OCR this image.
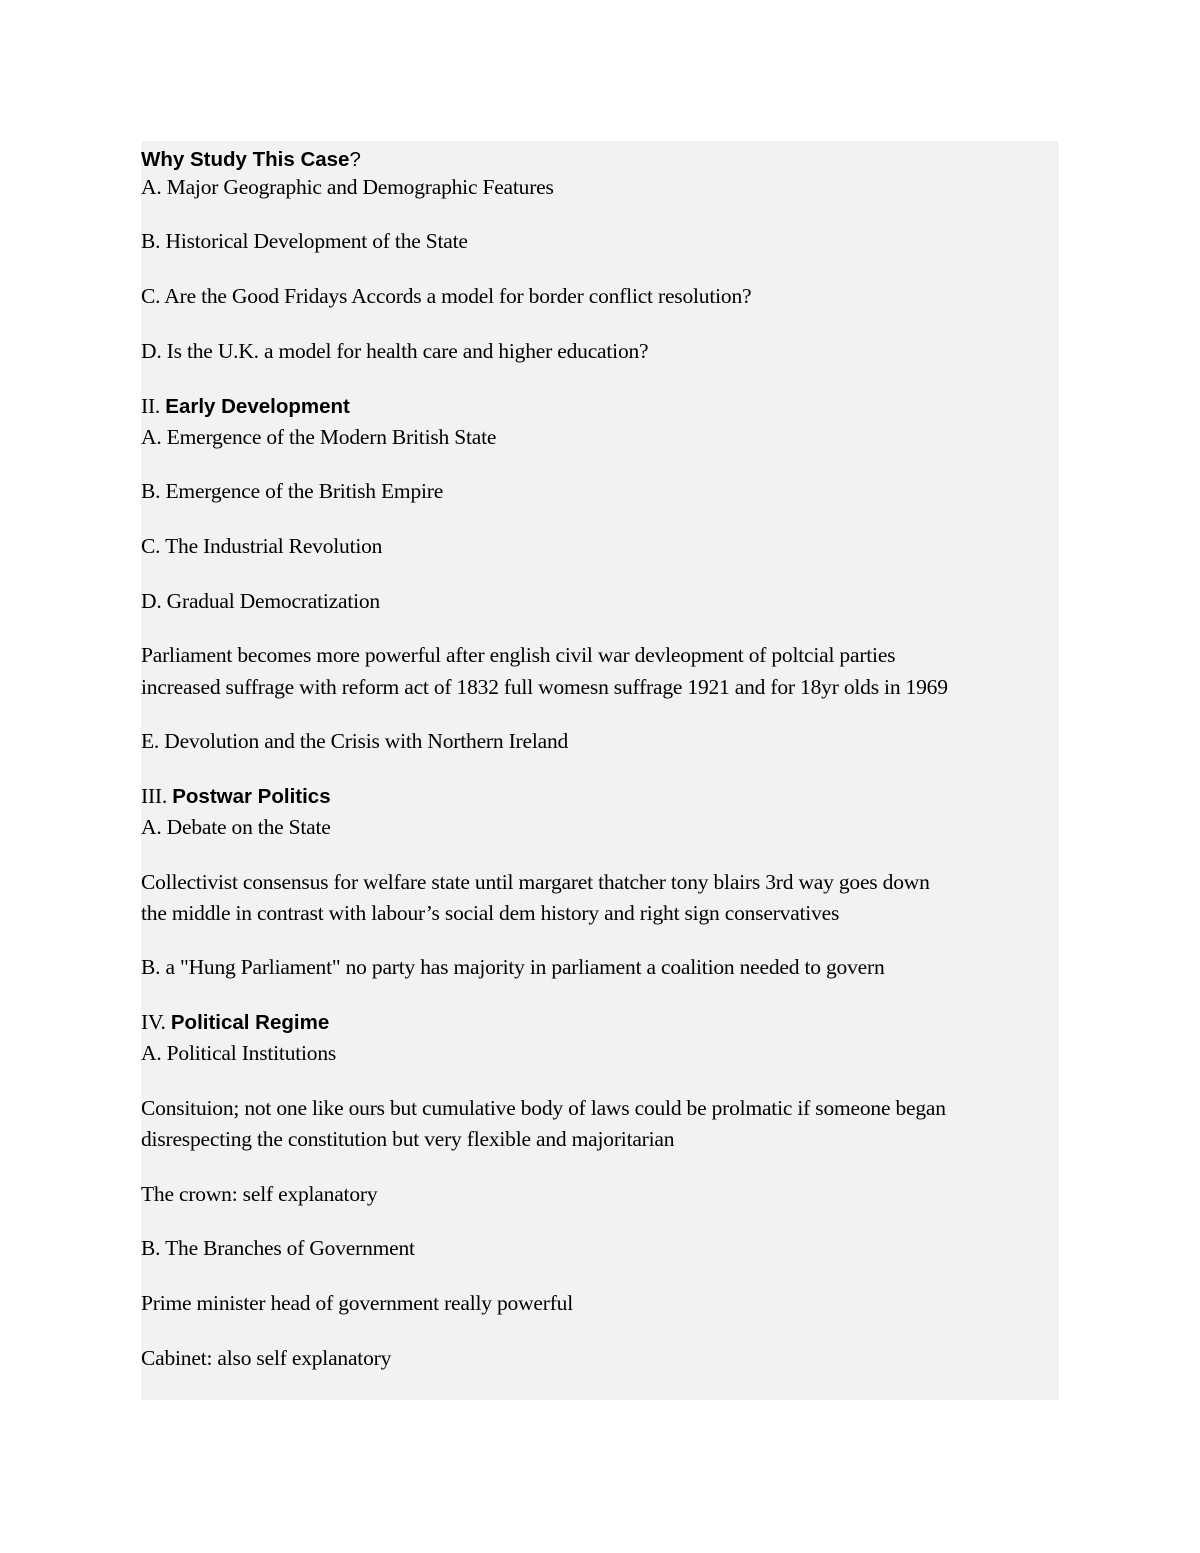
Why Study This Case?
A. Major Geographic and Demographic Features
B. Historical Development of the State
C. Are the Good Fridays Accords a model for border conflict resolution?
D. Is the U.K. a model for health care and higher education?
II. Early Development
A. Emergence of the Modern British State
B. Emergence of the British Empire
C. The Industrial Revolution
D. Gradual Democratization
Parliament becomes more powerful after english civil war devleopment of poltcial parties
increased suffrage with reform act of 1832 full womesn suffrage 1921 and for 18yr olds in 1969
E. Devolution and the Crisis with Northern Ireland
III. Postwar Politics
A. Debate on the State
Collectivist consensus for welfare state until margaret thatcher tony blairs 3rd way goes down
the middle in contrast with labour’s social dem history and right sign conservatives
B. a "Hung Parliament" no party has majority in parliament a coalition needed to govern
IV. Political Regime
A. Political Institutions
Consituion; not one like ours but cumulative body of laws could be prolmatic if someone began
disrespecting the constitution but very flexible and majoritarian
The crown: self explanatory
B. The Branches of Government
Prime minister head of government really powerful
Cabinet: also self explanatory
